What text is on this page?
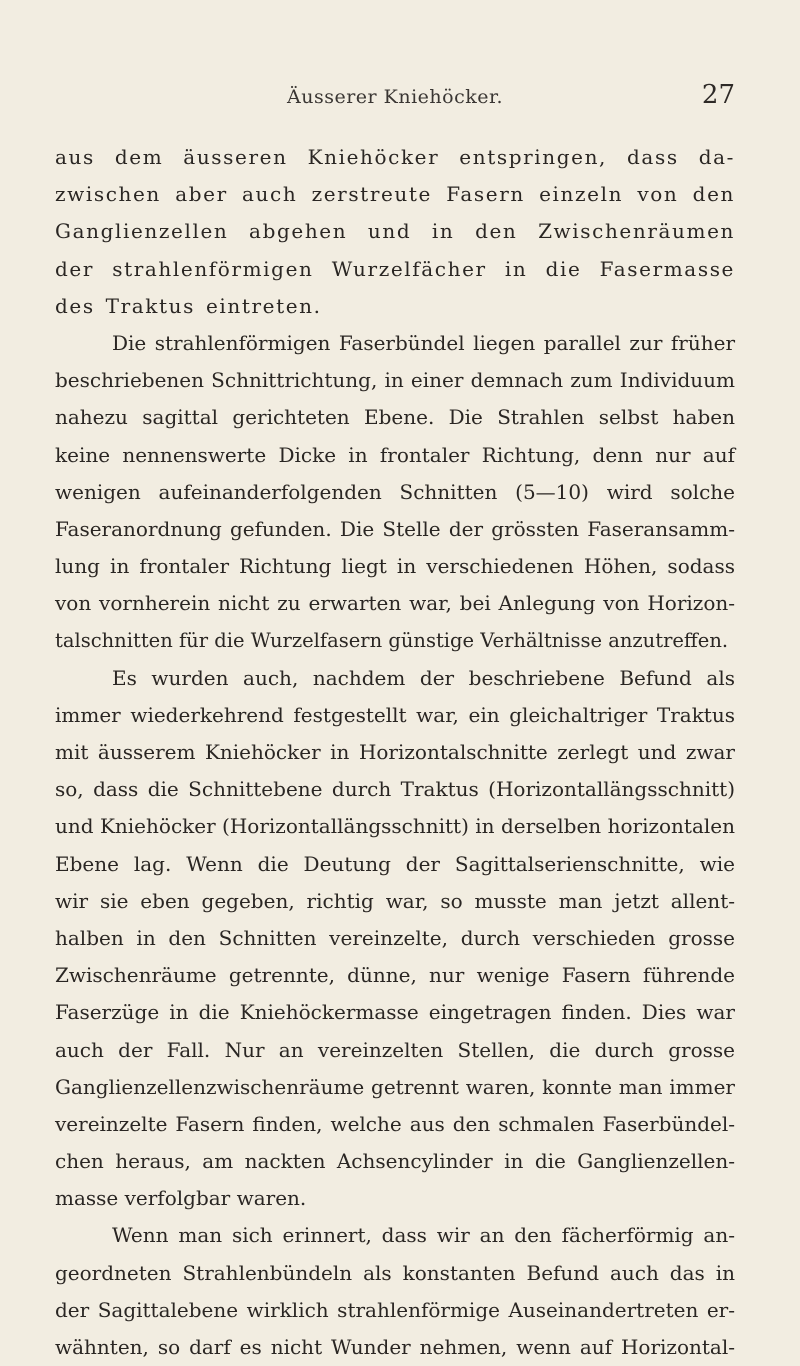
Äusserer Kniehöcker.	27
aus dem äusseren Kniehöcker entspringen, dass da-
zwischen aber auch zerstreute Fasern einzeln von den
Ganglienzellen abgehen und in den Zwischenräumen
der strahlenförmigen Wurzelfächer in die Fasermasse
des Traktus eintreten.
Die strahlenförmigen Faserbündel liegen parallel zur früher
beschriebenen Schnittrichtung, in einer demnach zum Individuum
nahezu sagittal gerichteten Ebene. Die Strahlen selbst haben
keine nennenswerte Dicke in frontaler Richtung, denn nur auf
wenigen aufeinanderfolgenden Schnitten (5—10) wird solche
Faseranordnung gefunden. Die Stelle der grössten Faseransamm-
lung in frontaler Richtung liegt in verschiedenen Höhen, sodass
von vornherein nicht zu erwarten war, bei Anlegung von Horizon-
talschnitten für die Wurzelfasern günstige Verhältnisse anzutreffen.
Es wurden auch, nachdem der beschriebene Befund als
immer wiederkehrend festgestellt war, ein gleichaltriger Traktus
mit äusserem Kniehöcker in Horizontalschnitte zerlegt und zwar
so, dass die Schnittebene durch Traktus (Horizontallängsschnitt)
und Kniehöcker (Horizontallängsschnitt) in derselben horizontalen
Ebene lag. Wenn die Deutung der Sagittalserienschnitte, wie
wir sie eben gegeben, richtig war, so musste man jetzt allent-
halben in den Schnitten vereinzelte, durch verschieden grosse
Zwischenräume getrennte, dünne, nur wenige Fasern führende
Faserzüge in die Kniehöckermasse eingetragen finden. Dies war
auch der Fall. Nur an vereinzelten Stellen, die durch grosse
Ganglienzellenzwischenräume getrennt waren, konnte man immer
vereinzelte Fasern finden, welche aus den schmalen Faserbündel-
chen heraus, am nackten Achsencylinder in die Ganglienzellen-
masse verfolgbar waren.
Wenn man sich erinnert, dass wir an den fächerförmig an-
geordneten Strahlenbündeln als konstanten Befund auch das in
der Sagittalebene wirklich strahlenförmige Auseinandertreten er-
wähnten, so darf es nicht Wunder nehmen, wenn auf Horizontal-
